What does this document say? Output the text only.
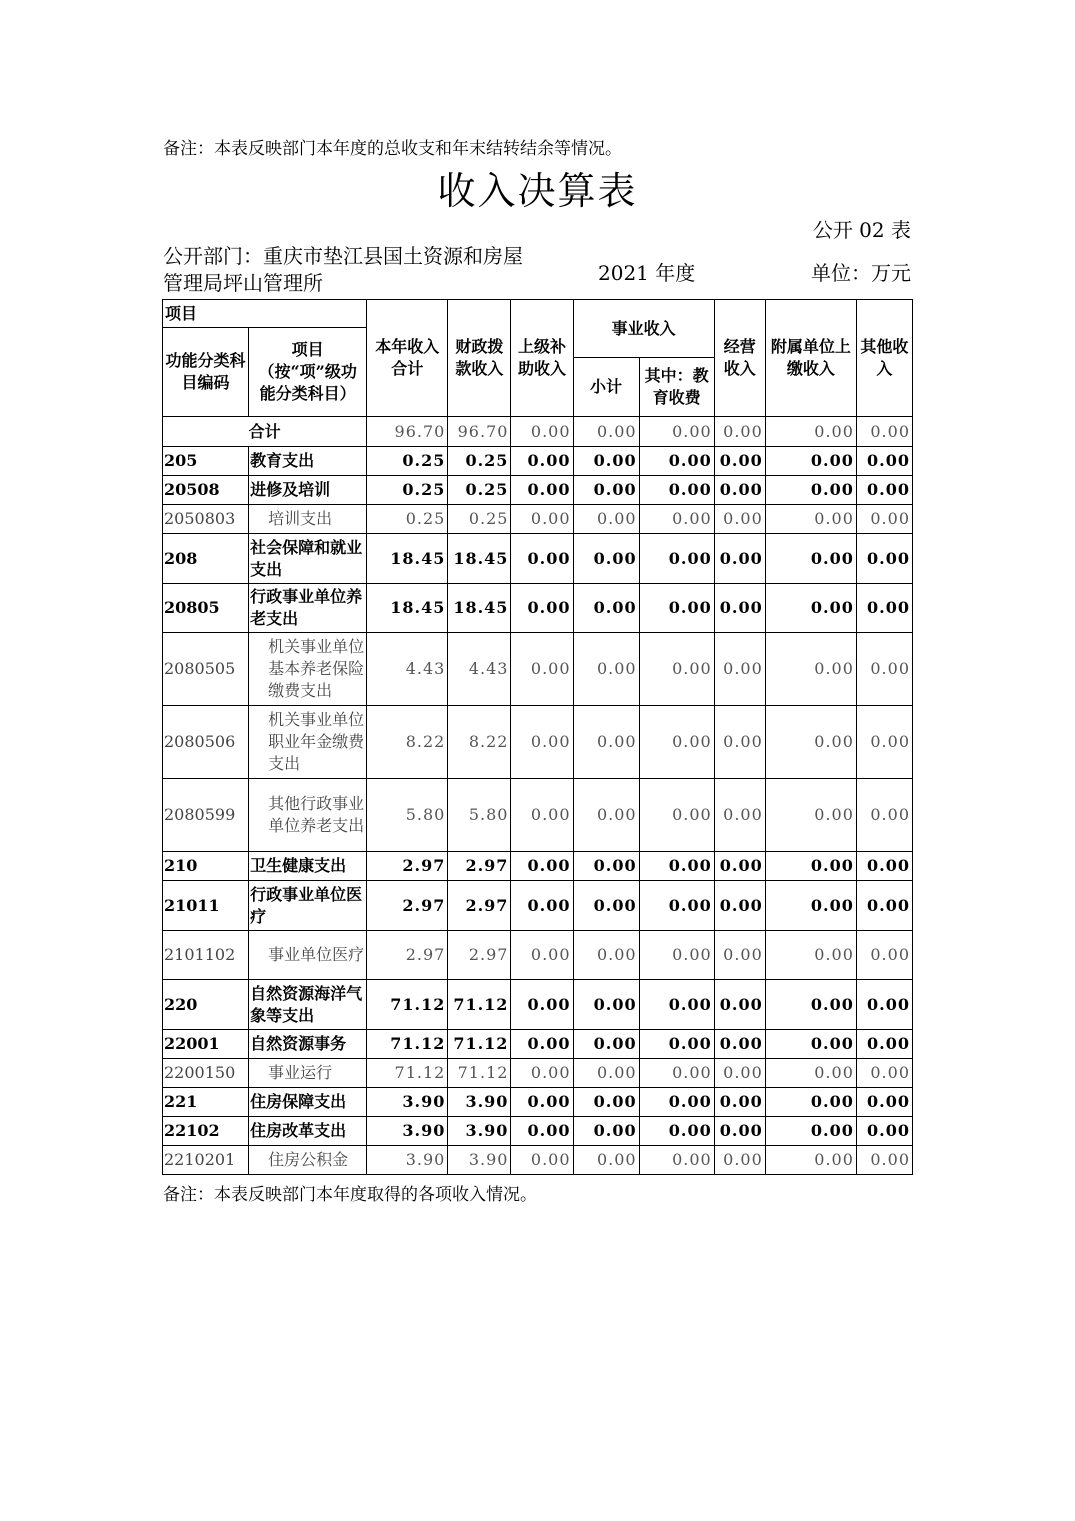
备注：本表反映部门本年度的总收支和年末结转结余等情况。
收入决算表
公开 02 表
公开部门：重庆市垫江县国土资源和房屋管理局坪山管理所	2021 年度	单位：万元
项目		本年收入合计	财政拨款收入	上级补助收入	事业收入		经营收入	附属单位上缴收入	其他收入
功能分类科目编码	项目（按“项”级功能分类科目）								
					小计	其中：教育收费			
合计		96.70	96.70	0.00	0.00	0.00	0.00	0.00	0.00
205	教育支出	0.25	0.25	0.00	0.00	0.00	0.00	0.00	0.00
20508	进修及培训	0.25	0.25	0.00	0.00	0.00	0.00	0.00	0.00
2050803	培训支出	0.25	0.25	0.00	0.00	0.00	0.00	0.00	0.00
208	社会保障和就业支出	18.45	18.45	0.00	0.00	0.00	0.00	0.00	0.00
20805	行政事业单位养老支出	18.45	18.45	0.00	0.00	0.00	0.00	0.00	0.00
2080505	机关事业单位基本养老保险缴费支出	4.43	4.43	0.00	0.00	0.00	0.00	0.00	0.00
2080506	机关事业单位职业年金缴费支出	8.22	8.22	0.00	0.00	0.00	0.00	0.00	0.00
2080599	其他行政事业单位养老支出	5.80	5.80	0.00	0.00	0.00	0.00	0.00	0.00
210	卫生健康支出	2.97	2.97	0.00	0.00	0.00	0.00	0.00	0.00
21011	行政事业单位医疗	2.97	2.97	0.00	0.00	0.00	0.00	0.00	0.00
2101102	事业单位医疗	2.97	2.97	0.00	0.00	0.00	0.00	0.00	0.00
220	自然资源海洋气象等支出	71.12	71.12	0.00	0.00	0.00	0.00	0.00	0.00
22001	自然资源事务	71.12	71.12	0.00	0.00	0.00	0.00	0.00	0.00
2200150	事业运行	71.12	71.12	0.00	0.00	0.00	0.00	0.00	0.00
221	住房保障支出	3.90	3.90	0.00	0.00	0.00	0.00	0.00	0.00
22102	住房改革支出	3.90	3.90	0.00	0.00	0.00	0.00	0.00	0.00
2210201	住房公积金	3.90	3.90	0.00	0.00	0.00	0.00	0.00	0.00
备注：本表反映部门本年度取得的各项收入情况。
